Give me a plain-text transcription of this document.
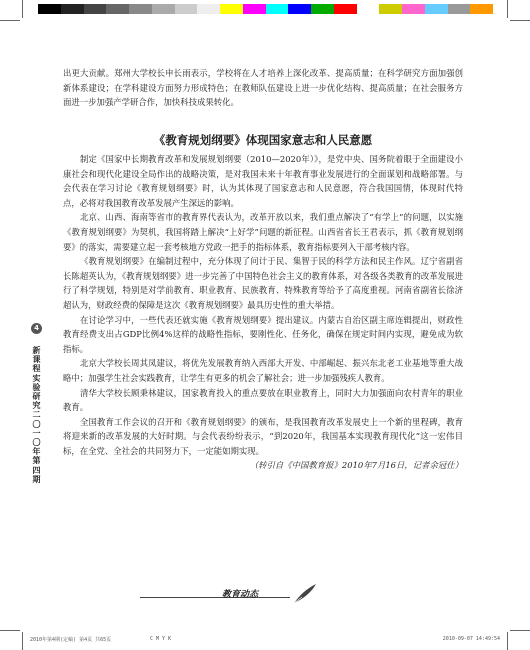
出更大贡献。郑州大学校长申长雨表示，学校将在人才培养上深化改革、提高质量；在科学研究方面加强创新体系建设；在学科建设方面努力形成特色；在教师队伍建设上进一步优化结构、提高质量；在社会服务方面进一步加强产学研合作，加快科技成果转化。

《教育规划纲要》体现国家意志和人民意愿

制定《国家中长期教育改革和发展规划纲要（2010—2020年）》，是党中央、国务院着眼于全面建设小康社会和现代化建设全局作出的战略决策，是对我国未来十年教育事业发展进行的全面谋划和战略部署。与会代表在学习讨论《教育规划纲要》时，认为其体现了国家意志和人民意愿，符合我国国情，体现时代特点，必将对我国教育改革发展产生深远的影响。

北京、山西、海南等省市的教育界代表认为，改革开放以来，我们重点解决了“有学上”的问题，以实施《教育规划纲要》为契机，我国将踏上解决“上好学”问题的新征程。山西省省长王君表示，抓《教育规划纲要》的落实，需要建立起一套考核地方党政一把手的指标体系，教育指标要列入干部考核内容。

《教育规划纲要》在编制过程中，充分体现了问计于民、集智于民的科学方法和民主作风。辽宁省副省长陈超英认为，《教育规划纲要》进一步完善了中国特色社会主义的教育体系，对各级各类教育的改革发展进行了科学规划，特别是对学前教育、职业教育、民族教育、特殊教育等给予了高度重视。河南省副省长徐济超认为，财政经费的保障是这次《教育规划纲要》最具历史性的重大举措。

在讨论学习中，一些代表还就实施《教育规划纲要》提出建议。内蒙古自治区副主席连辑提出，财政性教育经费支出占GDP比例4%这样的战略性指标，要刚性化、任务化，确保在规定时间内实现，避免成为软指标。

北京大学校长周其凤建议，将优先发展教育纳入西部大开发、中部崛起、振兴东北老工业基地等重大战略中；加强学生社会实践教育，让学生有更多的机会了解社会；进一步加强残疾人教育。

清华大学校长顾秉林建议，国家教育投入的重点要放在职业教育上，同时大力加强面向农村青年的职业教育。

全国教育工作会议的召开和《教育规划纲要》的颁布，是我国教育改革发展史上一个新的里程碑，教育将迎来新的改革发展的大好时期。与会代表纷纷表示，“到2020年，我国基本实现教育现代化”这一宏伟目标，在全党、全社会的共同努力下，一定能如期实现。

（转引自《中国教育报》2010年7月16日，记者余冠仕）

4
新课程实验研究 二〇一〇年 第四期
教育动态
2010年第4期(定稿) 第4页 共65页	C M Y K	2010-09-07 14:49:54
